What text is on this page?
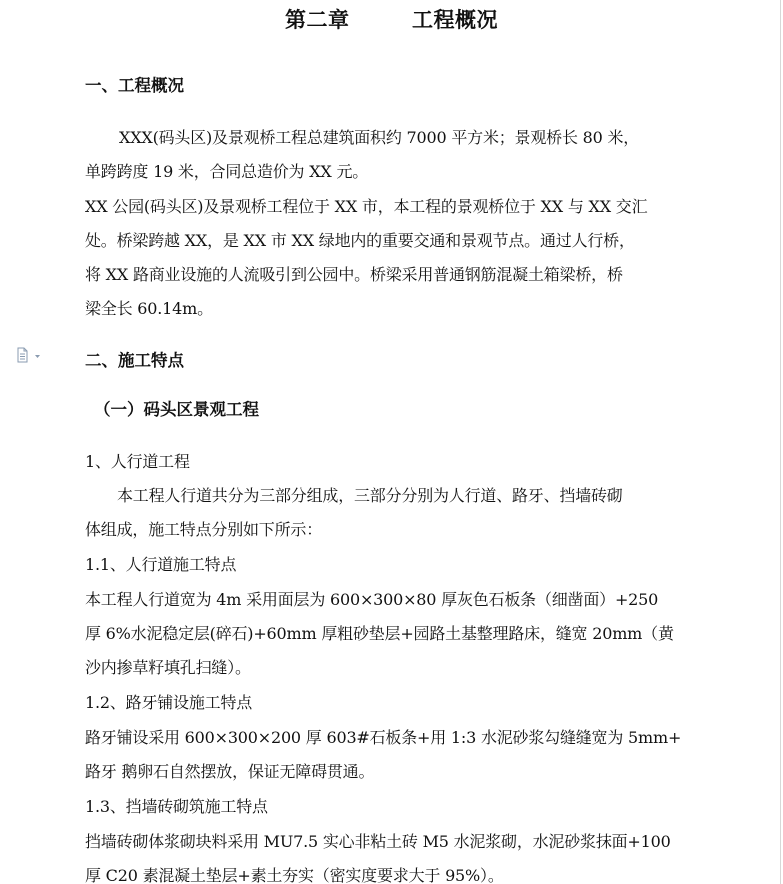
第二章        工程概况
一、工程概况
XXX(码头区)及景观桥工程总建筑面积约 7000 平方米；景观桥长 80 米，
单跨跨度 19 米，合同总造价为 XX 元。
XX 公园(码头区)及景观桥工程位于 XX 市，本工程的景观桥位于 XX 与 XX 交汇
处。桥梁跨越 XX，是 XX 市 XX 绿地内的重要交通和景观节点。通过人行桥，
将 XX 路商业设施的人流吸引到公园中。桥梁采用普通钢筋混凝土箱梁桥，桥
梁全长 60.14m。
二、施工特点
（一）码头区景观工程
1、人行道工程
本工程人行道共分为三部分组成，三部分分别为人行道、路牙、挡墙砖砌
体组成，施工特点分别如下所示：
1.1、人行道施工特点
本工程人行道宽为 4m 采用面层为 600×300×80 厚灰色石板条（细凿面）+250
厚 6%水泥稳定层(碎石)+60mm 厚粗砂垫层+园路土基整理路床，缝宽 20mm（黄
沙内掺草籽填孔扫缝）。
1.2、路牙铺设施工特点
路牙铺设采用 600×300×200 厚 603#石板条+用 1:3 水泥砂浆勾缝缝宽为 5mm+
路牙 鹅卵石自然摆放，保证无障碍贯通。
1.3、挡墙砖砌筑施工特点
挡墙砖砌体浆砌块料采用 MU7.5 实心非粘土砖 M5 水泥浆砌，水泥砂浆抹面+100
厚 C20 素混凝土垫层+素土夯实（密实度要求大于 95%）。
